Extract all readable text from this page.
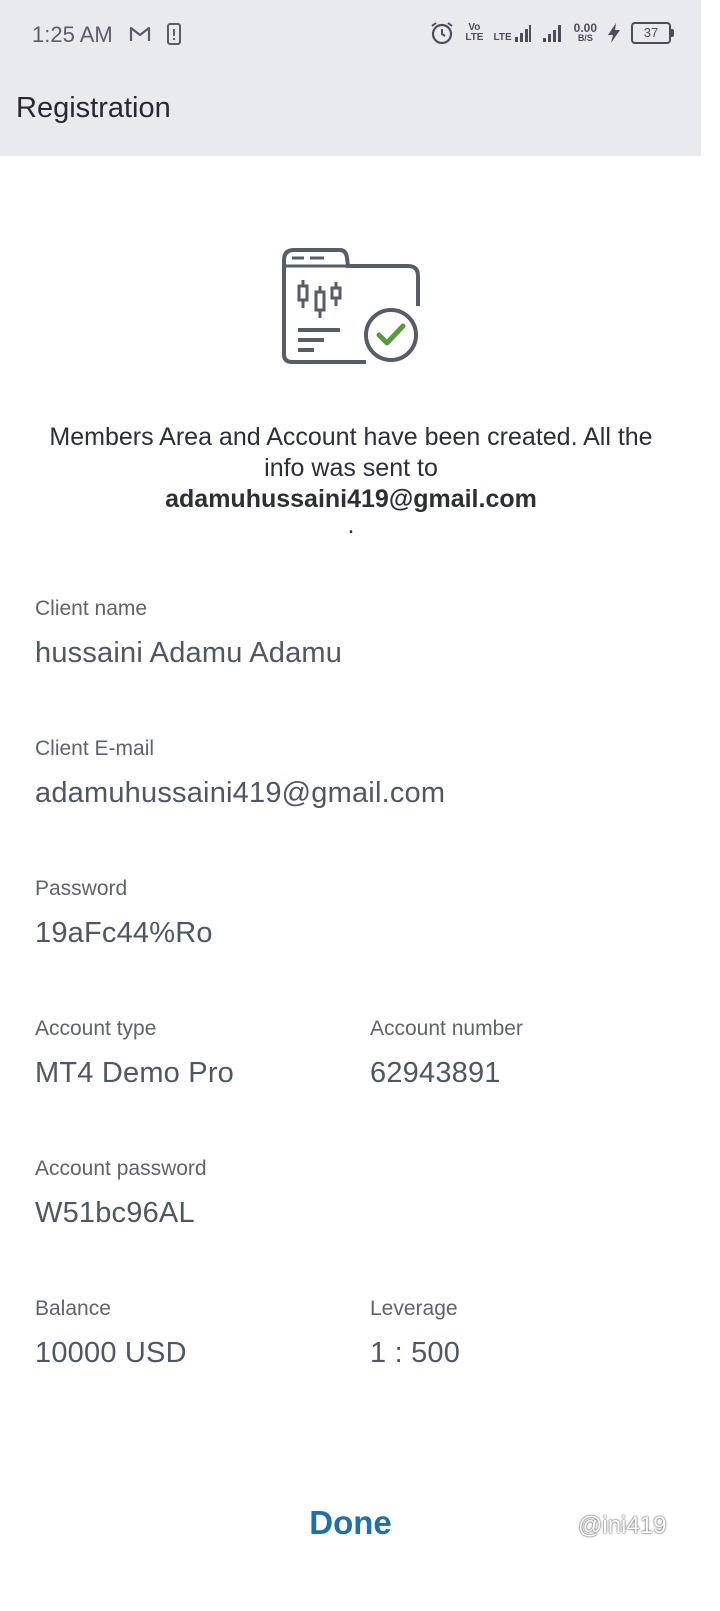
1:25 AM	Vo
LTE LTE
0.00
B/S	37
Registration
Members Area and Account have been created. All the info was sent to
adamuhussaini419@gmail.com
.
Client name
hussaini Adamu Adamu
Client E-mail
adamuhussaini419@gmail.com
Password
19aFc44%Ro
Account type
MT4 Demo Pro
Account number
62943891
Account password
W51bc96AL
Balance
10000 USD
Leverage
1 : 500
Done	@ini419
